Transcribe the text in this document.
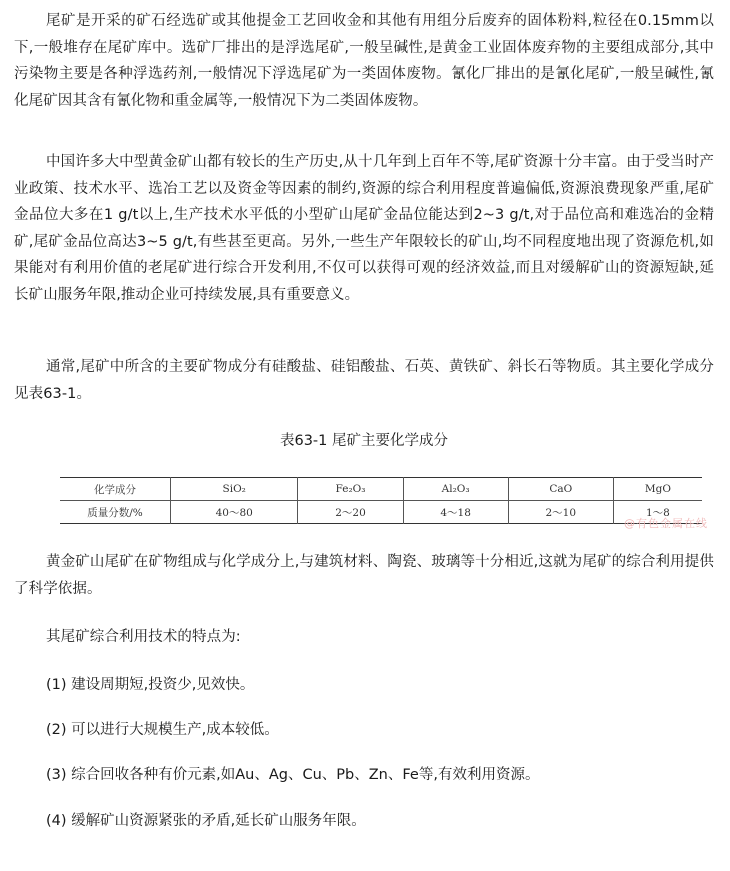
尾矿是开采的矿石经选矿或其他提金工艺回收金和其他有用组分后废弃的固体粉料,粒径在0.15mm以下,一般堆存在尾矿库中。选矿厂排出的是浮选尾矿,一般呈碱性,是黄金工业固体废弃物的主要组成部分,其中污染物主要是各种浮选药剂,一般情况下浮选尾矿为一类固体废物。氰化厂排出的是氰化尾矿,一般呈碱性,氰化尾矿因其含有氰化物和重金属等,一般情况下为二类固体废物。

中国许多大中型黄金矿山都有较长的生产历史,从十几年到上百年不等,尾矿资源十分丰富。由于受当时产业政策、技术水平、选冶工艺以及资金等因素的制约,资源的综合利用程度普遍偏低,资源浪费现象严重,尾矿金品位大多在1 g/t以上,生产技术水平低的小型矿山尾矿金品位能达到2~3 g/t,对于品位高和难选冶的金精矿,尾矿金品位高达3~5 g/t,有些甚至更高。另外,一些生产年限较长的矿山,均不同程度地出现了资源危机,如果能对有利用价值的老尾矿进行综合开发利用,不仅可以获得可观的经济效益,而且对缓解矿山的资源短缺,延长矿山服务年限,推动企业可持续发展,具有重要意义。

通常,尾矿中所含的主要矿物成分有硅酸盐、硅铝酸盐、石英、黄铁矿、斜长石等物质。其主要化学成分见表63-1。

表63-1 尾矿主要化学成分
化学成分	SiO₂	Fe₂O₃	Al₂O₃	CaO	MgO
质量分数/%	40～80	2～20	4～18	2～10	1～8
@有色金属在线

黄金矿山尾矿在矿物组成与化学成分上,与建筑材料、陶瓷、玻璃等十分相近,这就为尾矿的综合利用提供了科学依据。

其尾矿综合利用技术的特点为:

(1) 建设周期短,投资少,见效快。

(2) 可以进行大规模生产,成本较低。

(3) 综合回收各种有价元素,如Au、Ag、Cu、Pb、Zn、Fe等,有效利用资源。

(4) 缓解矿山资源紧张的矛盾,延长矿山服务年限。
